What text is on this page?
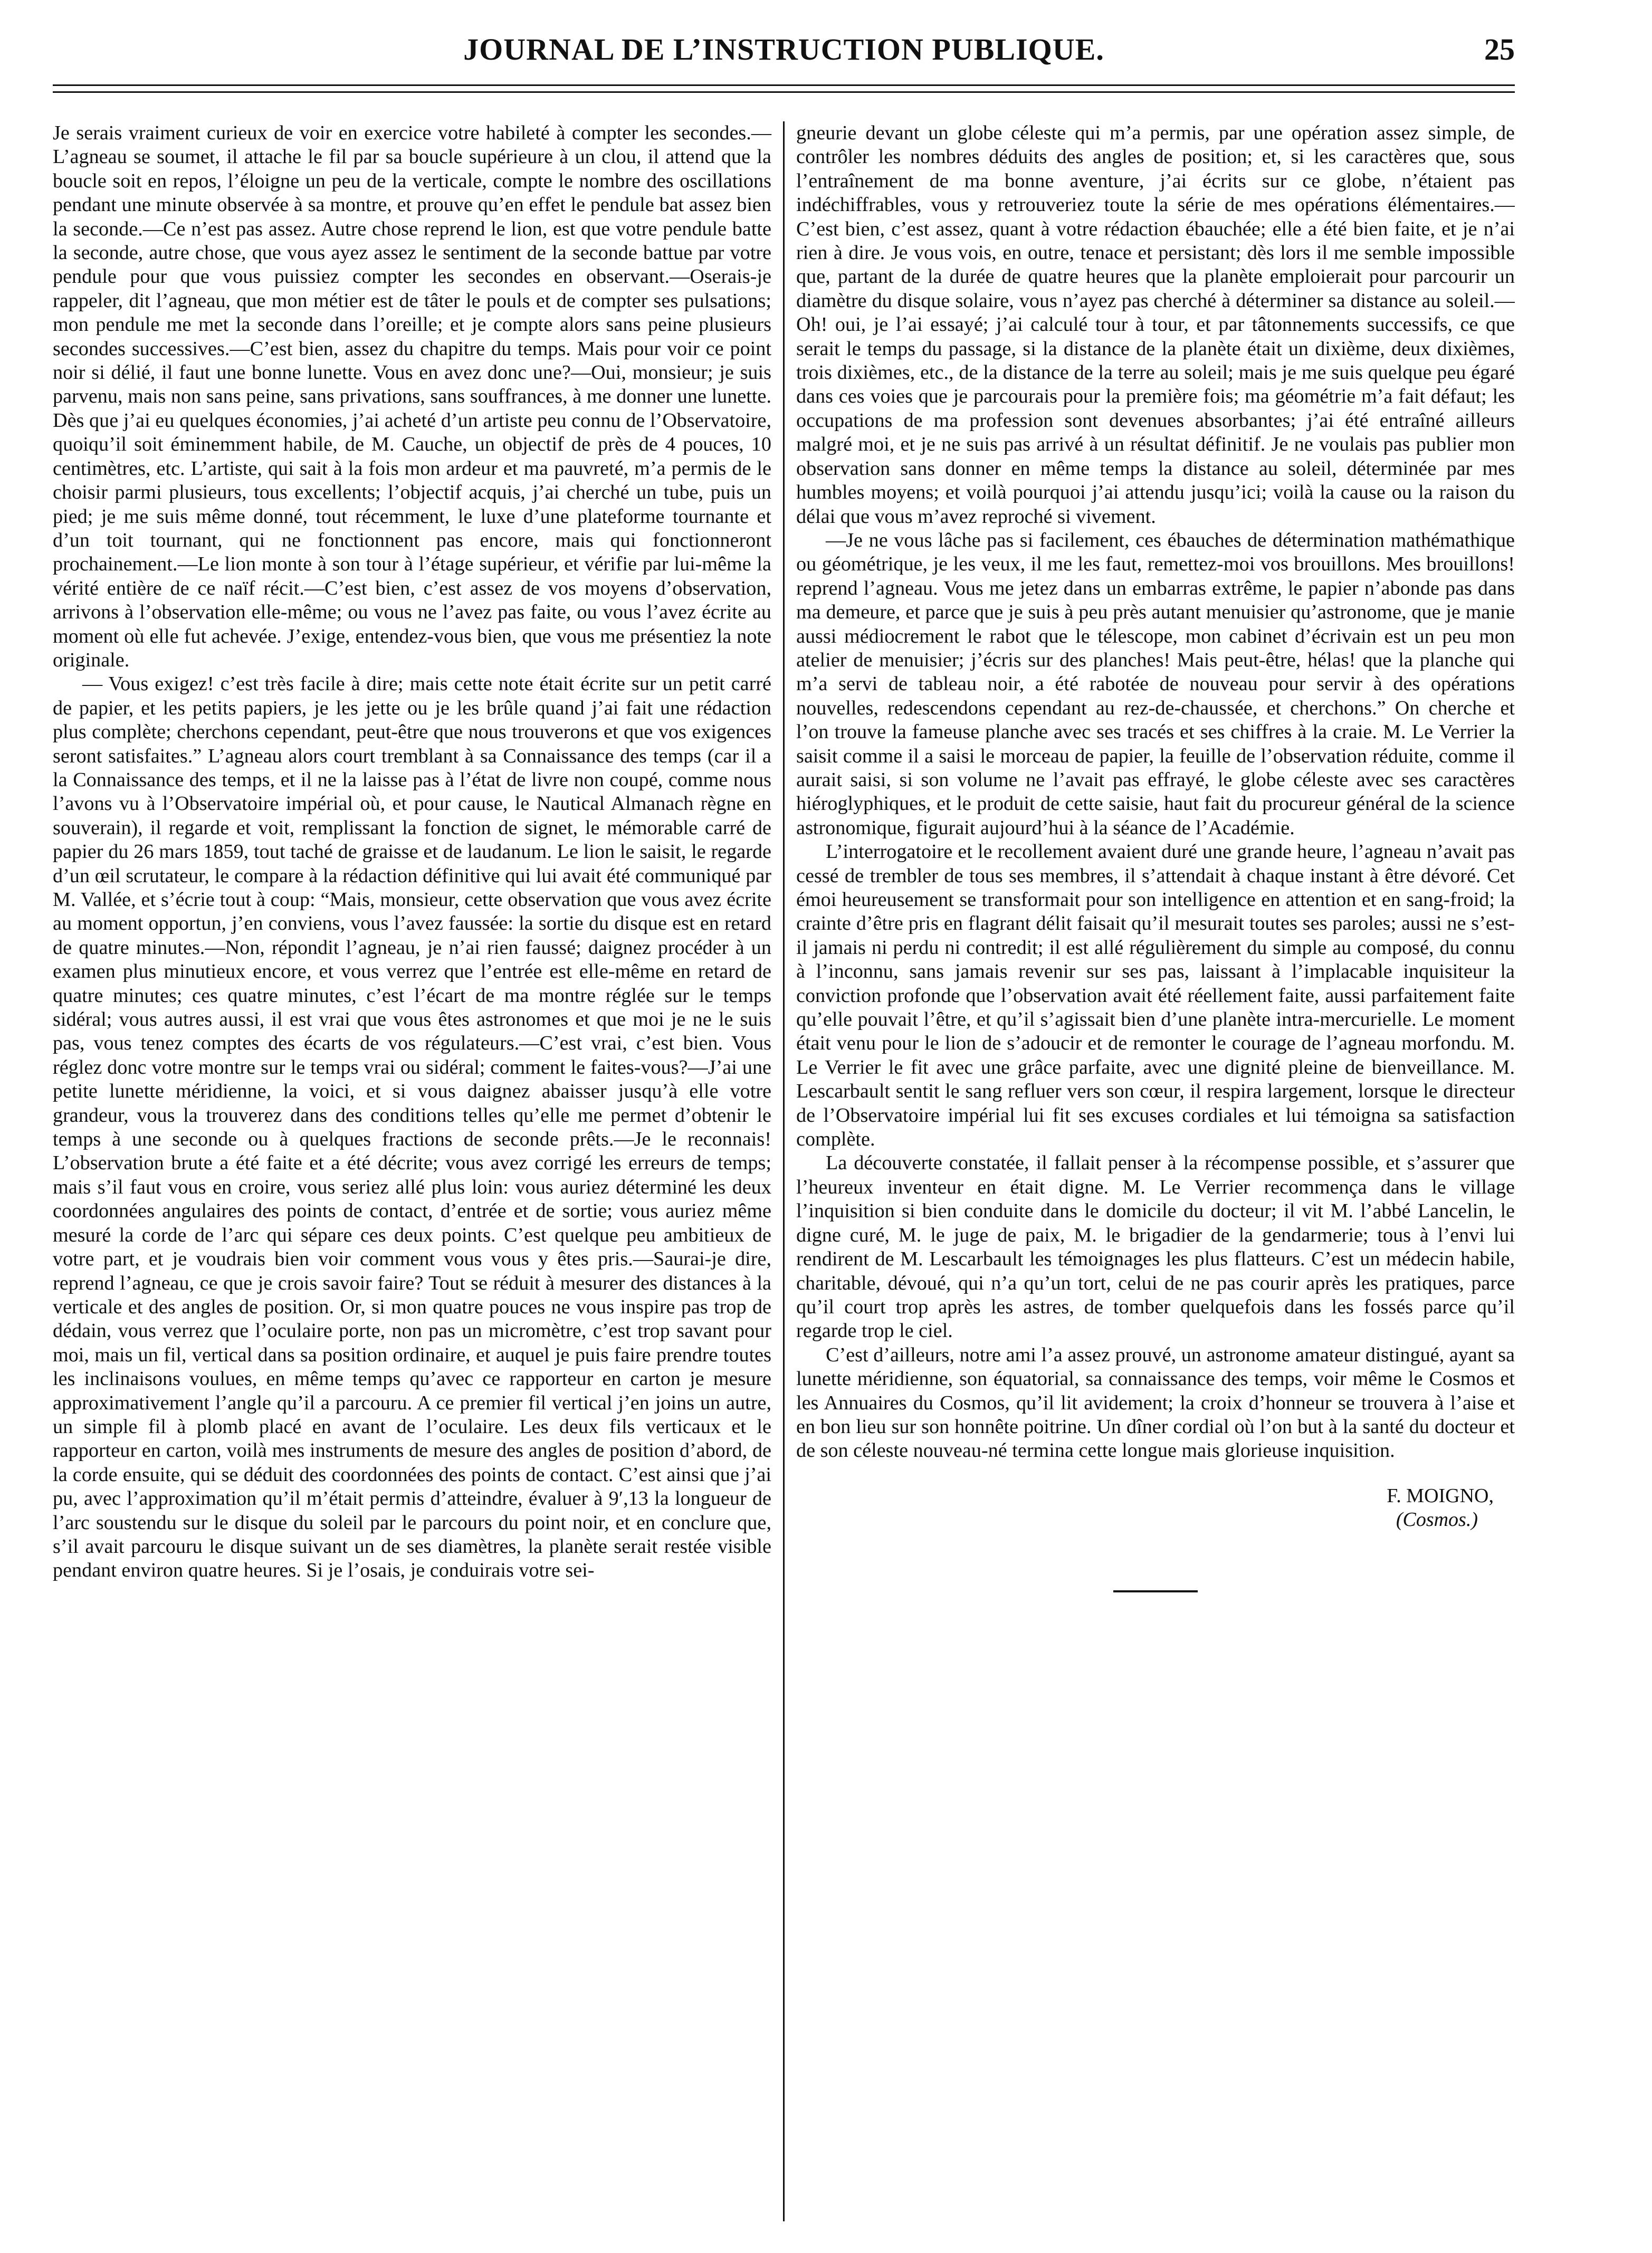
JOURNAL DE L’INSTRUCTION PUBLIQUE.	25

Je serais vraiment curieux de voir en exercice votre habileté à compter les secondes.—L’agneau se soumet, il attache le fil par sa boucle supérieure à un clou, il attend que la boucle soit en repos, l’éloigne un peu de la verticale, compte le nombre des oscillations pendant une minute observée à sa montre, et prouve qu’en effet le pendule bat assez bien la seconde.—Ce n’est pas assez. Autre chose reprend le lion, est que votre pendule batte la seconde, autre chose, que vous ayez assez le sentiment de la seconde battue par votre pendule pour que vous puissiez compter les secondes en observant.—Oserais-je rappeler, dit l’agneau, que mon métier est de tâter le pouls et de compter ses pulsations; mon pendule me met la seconde dans l’oreille; et je compte alors sans peine plusieurs secondes successives.—C’est bien, assez du chapitre du temps. Mais pour voir ce point noir si délié, il faut une bonne lunette. Vous en avez donc une?—Oui, monsieur; je suis parvenu, mais non sans peine, sans privations, sans souffrances, à me donner une lunette. Dès que j’ai eu quelques économies, j’ai acheté d’un artiste peu connu de l’Observatoire, quoiqu’il soit éminemment habile, de M. Cauche, un objectif de près de 4 pouces, 10 centimètres, etc. L’artiste, qui sait à la fois mon ardeur et ma pauvreté, m’a permis de le choisir parmi plusieurs, tous excellents; l’objectif acquis, j’ai cherché un tube, puis un pied; je me suis même donné, tout récemment, le luxe d’une plateforme tournante et d’un toit tournant, qui ne fonctionnent pas encore, mais qui fonctionneront prochainement.—Le lion monte à son tour à l’étage supérieur, et vérifie par lui-même la vérité entière de ce naïf récit.—C’est bien, c’est assez de vos moyens d’observation, arrivons à l’observation elle-même; ou vous ne l’avez pas faite, ou vous l’avez écrite au moment où elle fut achevée. J’exige, entendez-vous bien, que vous me présentiez la note originale.

— Vous exigez! c’est très facile à dire; mais cette note était écrite sur un petit carré de papier, et les petits papiers, je les jette ou je les brûle quand j’ai fait une rédaction plus complète; cherchons cependant, peut-être que nous trouverons et que vos exigences seront satisfaites.” L’agneau alors court tremblant à sa Connaissance des temps (car il a la Connaissance des temps, et il ne la laisse pas à l’état de livre non coupé, comme nous l’avons vu à l’Observatoire impérial où, et pour cause, le Nautical Almanach règne en souverain), il regarde et voit, remplissant la fonction de signet, le mémorable carré de papier du 26 mars 1859, tout taché de graisse et de laudanum. Le lion le saisit, le regarde d’un œil scrutateur, le compare à la rédaction définitive qui lui avait été communiqué par M. Vallée, et s’écrie tout à coup: “Mais, monsieur, cette observation que vous avez écrite au moment opportun, j’en conviens, vous l’avez faussée: la sortie du disque est en retard de quatre minutes.—Non, répondit l’agneau, je n’ai rien faussé; daignez procéder à un examen plus minutieux encore, et vous verrez que l’entrée est elle-même en retard de quatre minutes; ces quatre minutes, c’est l’écart de ma montre réglée sur le temps sidéral; vous autres aussi, il est vrai que vous êtes astronomes et que moi je ne le suis pas, vous tenez comptes des écarts de vos régulateurs.—C’est vrai, c’est bien. Vous réglez donc votre montre sur le temps vrai ou sidéral; comment le faites-vous?—J’ai une petite lunette méridienne, la voici, et si vous daignez abaisser jusqu’à elle votre grandeur, vous la trouverez dans des conditions telles qu’elle me permet d’obtenir le temps à une seconde ou à quelques fractions de seconde prêts.—Je le reconnais! L’observation brute a été faite et a été décrite; vous avez corrigé les erreurs de temps; mais s’il faut vous en croire, vous seriez allé plus loin: vous auriez déterminé les deux coordonnées angulaires des points de contact, d’entrée et de sortie; vous auriez même mesuré la corde de l’arc qui sépare ces deux points. C’est quelque peu ambitieux de votre part, et je voudrais bien voir comment vous vous y êtes pris.—Saurai-je dire, reprend l’agneau, ce que je crois savoir faire? Tout se réduit à mesurer des distances à la verticale et des angles de position. Or, si mon quatre pouces ne vous inspire pas trop de dédain, vous verrez que l’oculaire porte, non pas un micromètre, c’est trop savant pour moi, mais un fil, vertical dans sa position ordinaire, et auquel je puis faire prendre toutes les inclinaisons voulues, en même temps qu’avec ce rapporteur en carton je mesure approximativement l’angle qu’il a parcouru. A ce premier fil vertical j’en joins un autre, un simple fil à plomb placé en avant de l’oculaire. Les deux fils verticaux et le rapporteur en carton, voilà mes instruments de mesure des angles de position d’abord, de la corde ensuite, qui se déduit des coordonnées des points de contact. C’est ainsi que j’ai pu, avec l’approximation qu’il m’était permis d’atteindre, évaluer à 9′,13 la longueur de l’arc soustendu sur le disque du soleil par le parcours du point noir, et en conclure que, s’il avait parcouru le disque suivant un de ses diamètres, la planète serait restée visible pendant environ quatre heures. Si je l’osais, je conduirais votre sei-

gneurie devant un globe céleste qui m’a permis, par une opération assez simple, de contrôler les nombres déduits des angles de position; et, si les caractères que, sous l’entraînement de ma bonne aventure, j’ai écrits sur ce globe, n’étaient pas indéchiffrables, vous y retrouveriez toute la série de mes opérations élémentaires.—C’est bien, c’est assez, quant à votre rédaction ébauchée; elle a été bien faite, et je n’ai rien à dire. Je vous vois, en outre, tenace et persistant; dès lors il me semble impossible que, partant de la durée de quatre heures que la planète emploierait pour parcourir un diamètre du disque solaire, vous n’ayez pas cherché à déterminer sa distance au soleil.—Oh! oui, je l’ai essayé; j’ai calculé tour à tour, et par tâtonnements successifs, ce que serait le temps du passage, si la distance de la planète était un dixième, deux dixièmes, trois dixièmes, etc., de la distance de la terre au soleil; mais je me suis quelque peu égaré dans ces voies que je parcourais pour la première fois; ma géométrie m’a fait défaut; les occupations de ma profession sont devenues absorbantes; j’ai été entraîné ailleurs malgré moi, et je ne suis pas arrivé à un résultat définitif. Je ne voulais pas publier mon observation sans donner en même temps la distance au soleil, déterminée par mes humbles moyens; et voilà pourquoi j’ai attendu jusqu’ici; voilà la cause ou la raison du délai que vous m’avez reproché si vivement.

—Je ne vous lâche pas si facilement, ces ébauches de détermination mathémathique ou géométrique, je les veux, il me les faut, remettez-moi vos brouillons. Mes brouillons! reprend l’agneau. Vous me jetez dans un embarras extrême, le papier n’abonde pas dans ma demeure, et parce que je suis à peu près autant menuisier qu’astronome, que je manie aussi médiocrement le rabot que le télescope, mon cabinet d’écrivain est un peu mon atelier de menuisier; j’écris sur des planches! Mais peut-être, hélas! que la planche qui m’a servi de tableau noir, a été rabotée de nouveau pour servir à des opérations nouvelles, redescendons cependant au rez-de-chaussée, et cherchons.” On cherche et l’on trouve la fameuse planche avec ses tracés et ses chiffres à la craie. M. Le Verrier la saisit comme il a saisi le morceau de papier, la feuille de l’observation réduite, comme il aurait saisi, si son volume ne l’avait pas effrayé, le globe céleste avec ses caractères hiéroglyphiques, et le produit de cette saisie, haut fait du procureur général de la science astronomique, figurait aujourd’hui à la séance de l’Académie.

L’interrogatoire et le recollement avaient duré une grande heure, l’agneau n’avait pas cessé de trembler de tous ses membres, il s’attendait à chaque instant à être dévoré. Cet émoi heureusement se transformait pour son intelligence en attention et en sang-froid; la crainte d’être pris en flagrant délit faisait qu’il mesurait toutes ses paroles; aussi ne s’est-il jamais ni perdu ni contredit; il est allé régulièrement du simple au composé, du connu à l’inconnu, sans jamais revenir sur ses pas, laissant à l’implacable inquisiteur la conviction profonde que l’observation avait été réellement faite, aussi parfaitement faite qu’elle pouvait l’être, et qu’il s’agissait bien d’une planète intra-mercurielle. Le moment était venu pour le lion de s’adoucir et de remonter le courage de l’agneau morfondu. M. Le Verrier le fit avec une grâce parfaite, avec une dignité pleine de bienveillance. M. Lescarbault sentit le sang refluer vers son cœur, il respira largement, lorsque le directeur de l’Observatoire impérial lui fit ses excuses cordiales et lui témoigna sa satisfaction complète.

La découverte constatée, il fallait penser à la récompense possible, et s’assurer que l’heureux inventeur en était digne. M. Le Verrier recommença dans le village l’inquisition si bien conduite dans le domicile du docteur; il vit M. l’abbé Lancelin, le digne curé, M. le juge de paix, M. le brigadier de la gendarmerie; tous à l’envi lui rendirent de M. Lescarbault les témoignages les plus flatteurs. C’est un médecin habile, charitable, dévoué, qui n’a qu’un tort, celui de ne pas courir après les pratiques, parce qu’il court trop après les astres, de tomber quelquefois dans les fossés parce qu’il regarde trop le ciel.

C’est d’ailleurs, notre ami l’a assez prouvé, un astronome amateur distingué, ayant sa lunette méridienne, son équatorial, sa connaissance des temps, voir même le Cosmos et les Annuaires du Cosmos, qu’il lit avidement; la croix d’honneur se trouvera à l’aise et en bon lieu sur son honnête poitrine. Un dîner cordial où l’on but à la santé du docteur et de son céleste nouveau-né termina cette longue mais glorieuse inquisition.

F. MOIGNO,
(Cosmos.)
